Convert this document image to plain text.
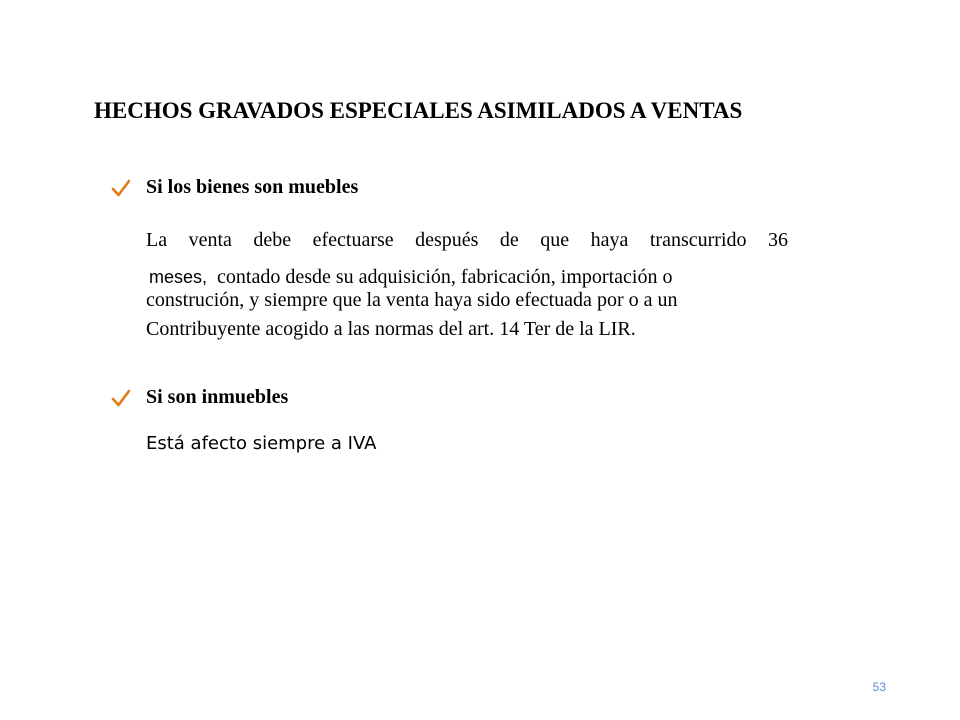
HECHOS GRAVADOS ESPECIALES ASIMILADOS A VENTAS
Si los bienes son muebles
La venta debe efectuarse después de que haya transcurrido 36
meses, contado desde su adquisición, fabricación, importación o
construción, y siempre que la venta haya sido efectuada por o a un
Contribuyente acogido a las normas del art. 14 Ter de la LIR.
Si son inmuebles
Está afecto siempre a IVA
53
